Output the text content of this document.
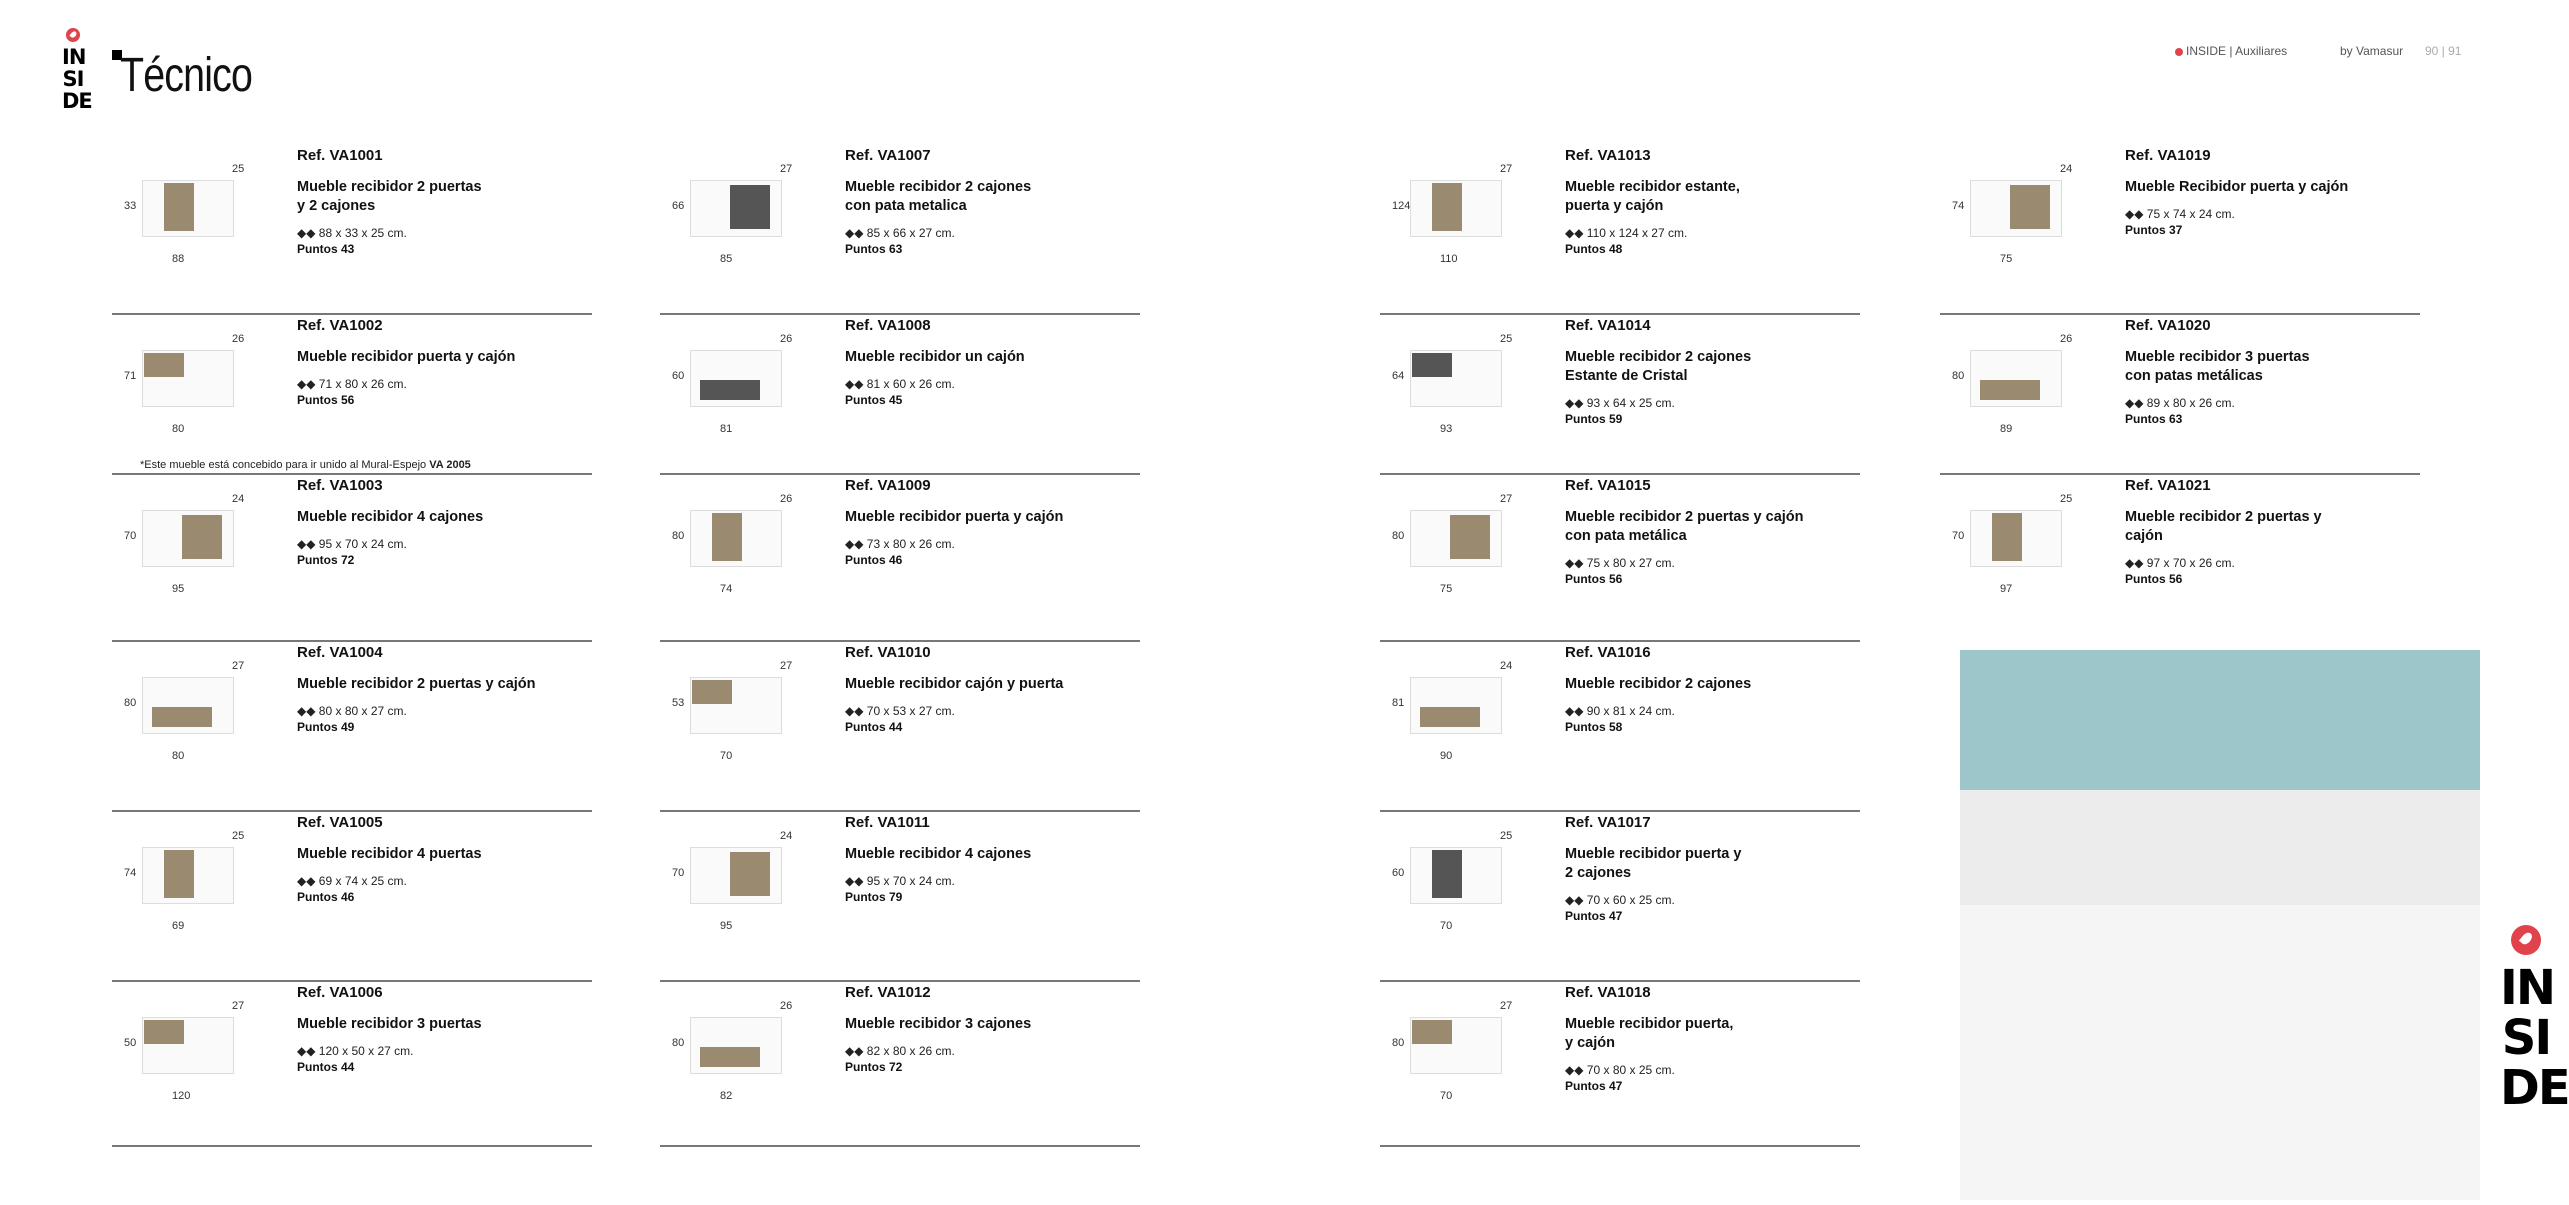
IN
SI
DE Técnico	INSIDE | Auxiliares	by Vamasur 90 | 91
33
88
25
Ref. VA1001
Mueble recibidor 2 puertas
y 2 cajones
◆◆ 88 x 33 x 25 cm.
Puntos 43
71
80
26
Ref. VA1002
Mueble recibidor puerta y cajón
◆◆ 71 x 80 x 26 cm.
Puntos 56
*Este mueble está concebido para ir unido al Mural-Espejo VA 2005
70
95
24
Ref. VA1003
Mueble recibidor 4 cajones
◆◆ 95 x 70 x 24 cm.
Puntos 72
80
80
27
Ref. VA1004
Mueble recibidor 2 puertas y cajón
◆◆ 80 x 80 x 27 cm.
Puntos 49
74
69
25
Ref. VA1005
Mueble recibidor 4 puertas
◆◆ 69 x 74 x 25 cm.
Puntos 46
50
120
27
Ref. VA1006
Mueble recibidor 3 puertas
◆◆ 120 x 50 x 27 cm.
Puntos 44
66
85
27
Ref. VA1007
Mueble recibidor 2 cajones
con pata metalica
◆◆ 85 x 66 x 27 cm.
Puntos 63
60
81
26
Ref. VA1008
Mueble recibidor un cajón
◆◆ 81 x 60 x 26 cm.
Puntos 45
80
74
26
Ref. VA1009
Mueble recibidor puerta y cajón
◆◆ 73 x 80 x 26 cm.
Puntos 46
53
70
27
Ref. VA1010
Mueble recibidor cajón y puerta
◆◆ 70 x 53 x 27 cm.
Puntos 44
70
95
24
Ref. VA1011
Mueble recibidor 4 cajones
◆◆ 95 x 70 x 24 cm.
Puntos 79
80
82
26
Ref. VA1012
Mueble recibidor 3 cajones
◆◆ 82 x 80 x 26 cm.
Puntos 72
124
110
27
Ref. VA1013
Mueble recibidor estante,
puerta y cajón
◆◆ 110 x 124 x 27 cm.
Puntos 48
64
93
25
Ref. VA1014
Mueble recibidor 2 cajones
Estante de Cristal
◆◆ 93 x 64 x 25 cm.
Puntos 59
80
75
27
Ref. VA1015
Mueble recibidor 2 puertas y cajón
con pata metálica
◆◆ 75 x 80 x 27 cm.
Puntos 56
81
90
24
Ref. VA1016
Mueble recibidor 2 cajones
◆◆ 90 x 81 x 24 cm.
Puntos 58
60
70
25
Ref. VA1017
Mueble recibidor puerta y
2 cajones
◆◆ 70 x 60 x 25 cm.
Puntos 47
80
70
27
Ref. VA1018
Mueble recibidor puerta,
y cajón
◆◆ 70 x 80 x 25 cm.
Puntos 47
74
75
24
Ref. VA1019
Mueble Recibidor puerta y cajón
◆◆ 75 x 74 x 24 cm.
Puntos 37
80
89
26
Ref. VA1020
Mueble recibidor 3 puertas
con patas metálicas
◆◆ 89 x 80 x 26 cm.
Puntos 63
70
97
25
Ref. VA1021
Mueble recibidor 2 puertas y
cajón
◆◆ 97 x 70 x 26 cm.
Puntos 56
IN
SI
DE
